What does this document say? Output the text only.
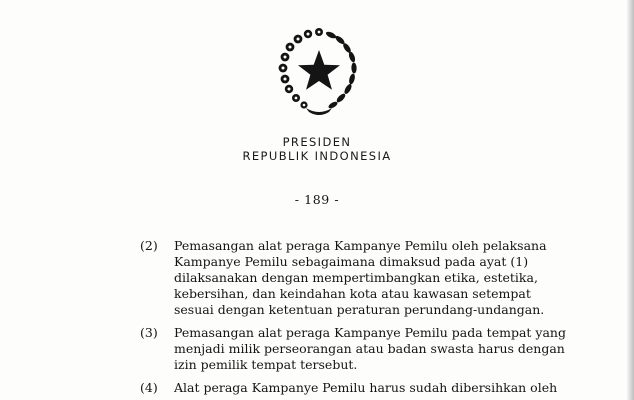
PRESIDEN
REPUBLIK INDONESIA
- 189 -
(2) Pemasangan alat peraga Kampanye Pemilu oleh pelaksana
Kampanye Pemilu sebagaimana dimaksud pada ayat (1)
dilaksanakan dengan mempertimbangkan etika, estetika,
kebersihan, dan keindahan kota atau kawasan setempat
sesuai dengan ketentuan peraturan perundang-undangan.
(3) Pemasangan alat peraga Kampanye Pemilu pada tempat yang
menjadi milik perseorangan atau badan swasta harus dengan
izin pemilik tempat tersebut.
(4) Alat peraga Kampanye Pemilu harus sudah dibersihkan oleh
